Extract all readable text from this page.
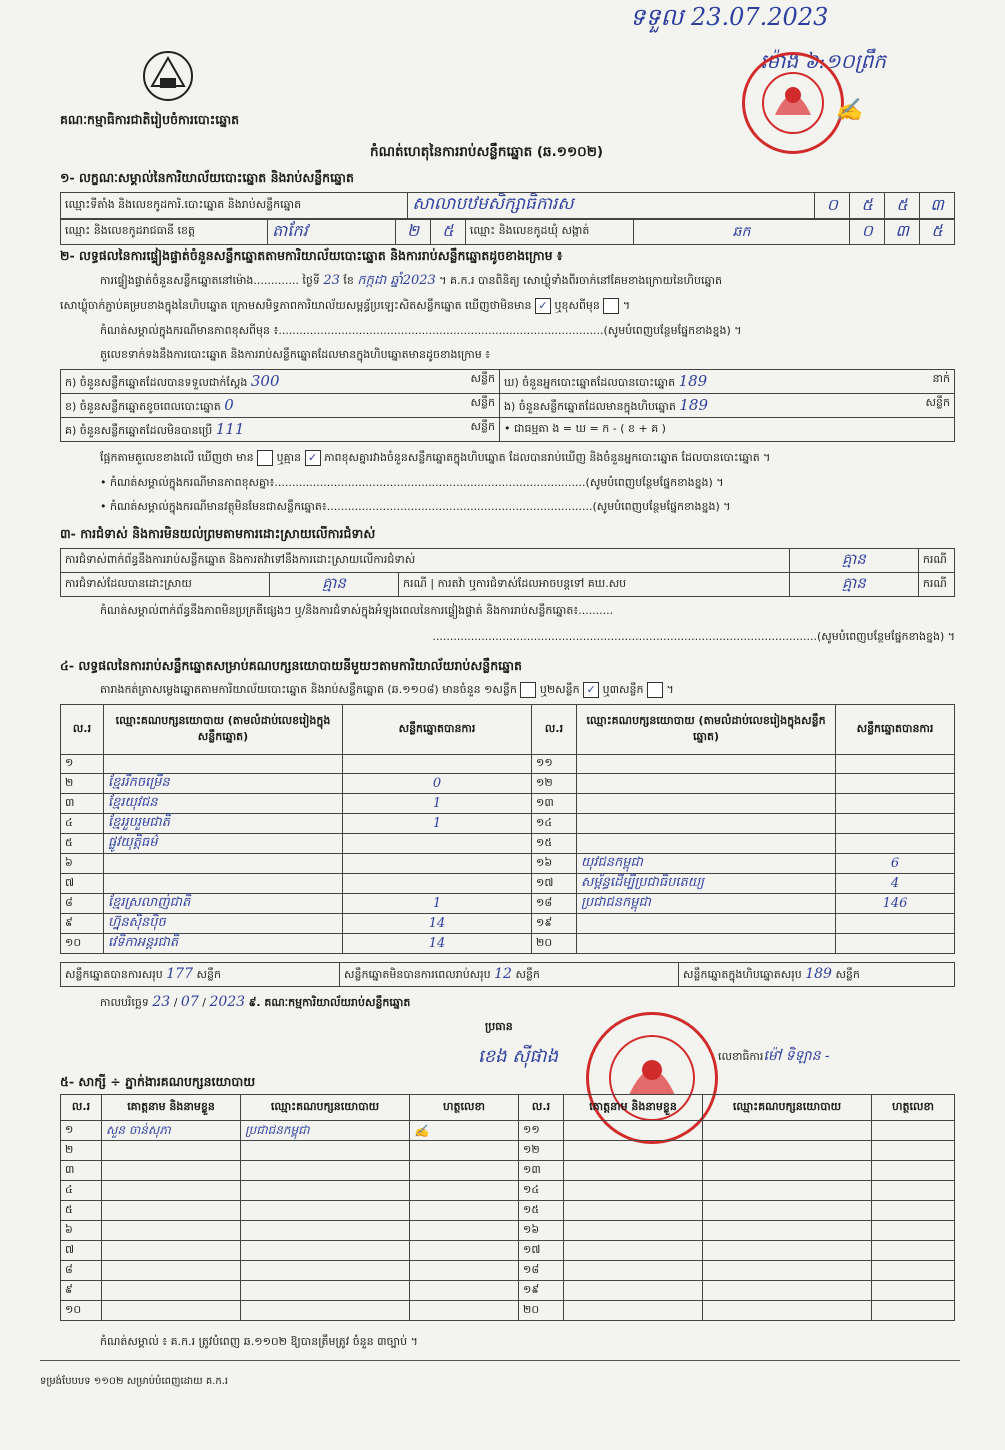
ទទួល 23.07.2023
ម៉ោង ៦:១០ព្រឹក
✍
គណៈកម្មាធិការជាតិរៀបចំការបោះឆ្នោត
កំណត់ហេតុនៃការរាប់សន្លឹកឆ្នោត (ឆ.១១០២)
១- លក្ខណៈសម្គាល់នៃការិយាល័យបោះឆ្នោត និងរាប់សន្លឹកឆ្នោត
ឈ្មោះទីតាំង និងលេខកូដការិ.បោះឆ្នោត និងរាប់សន្លឹកឆ្នោត	សាលាបឋមសិក្សាធិការស	០	៥	៥	៣
ឈ្មោះ និងលេខកូដរាជធានី ខេត្ត	តាកែវ	២	៥	ឈ្មោះ និងលេខកូដឃុំ សង្កាត់	ឆក	០	៣	៥
២- លទ្ធផលនៃការផ្ទៀងផ្ទាត់ចំនួនសន្លឹកឆ្នោតតាមការិយាល័យបោះឆ្នោត និងការរាប់សន្លឹកឆ្នោតដូចខាងក្រោម ៖
ការផ្ទៀងផ្ទាត់ចំនួនសន្លឹកឆ្នោតនៅម៉ោង............. ថ្ងៃទី 23 ខែ កក្កដា ឆ្នាំ2023 ។ គ.ក.រ បានពិនិត្យ សោឃ្លុំទាំងពីរចាក់នៅគែមខាងក្រោយនៃហិបឆ្នោត
សោឃ្លុំចាក់ភ្ជាប់គម្របខាងក្នុងនៃហិបឆ្នោត ក្រោមសមិទ្ធភាពការិយាល័យសម្ពន្ធ័ប្រឡេះសិតសន្លឹកឆ្នោត ឃើញថាមិនមាន ✓ ឬខុសពីមុន  ។
កំណត់សម្គាល់ក្នុងករណីមានភាពខុសពីមុន ៖.............................................................................................(សូមបំពេញបន្ថែមផ្នែកខាងខ្នង) ។
តួលេខទាក់ទងនឹងការបោះឆ្នោត និងការរាប់សន្លឹកឆ្នោតដែលមានក្នុងហិបឆ្នោតមានដូចខាងក្រោម ៖
ក) ចំនួនសន្លឹកឆ្នោតដែលបានទទួលជាក់ស្តែង 300 សន្លឹក	ឃ) ចំនួនអ្នកបោះឆ្នោតដែលបានបោះឆ្នោត 189 នាក់

ខ) ចំនួនសន្លឹកឆ្នោតខូចពេលបោះឆ្នោត 0 សន្លឹក	ង) ចំនួនសន្លឹកឆ្នោតដែលមានក្នុងហិបឆ្នោត 189 សន្លឹក

គ) ចំនួនសន្លឹកឆ្នោតដែលមិនបានប្រើ 111 សន្លឹក	• ជាធម្មតា ង = ឃ = ក - ( ខ + គ )
ផ្អែកតាមតួលេខខាងលើ ឃើញថា មាន ឬគ្មាន ✓ ភាពខុសគ្នារវាងចំនួនសន្លឹកឆ្នោតក្នុងហិបឆ្នោត ដែលបានរាប់ឃើញ និងចំនួនអ្នកបោះឆ្នោត ដែលបានបោះឆ្នោត ។
• កំណត់សម្គាល់ក្នុងករណីមានភាពខុសគ្នា៖.........................................................................................(សូមបំពេញបន្ថែមផ្នែកខាងខ្នង) ។
• កំណត់សម្គាល់ក្នុងករណីមានវត្ថុមិនមែនជាសន្លឹកឆ្នោត៖............................................................................(សូមបំពេញបន្ថែមផ្នែកខាងខ្នង) ។
៣- ការជំទាស់ និងការមិនយល់ព្រមតាមការដោះស្រាយលើការជំទាស់
ការជំទាស់ពាក់ព័ន្ធនឹងការរាប់សន្លឹកឆ្នោត និងការតវ៉ាទៅនឹងការដោះស្រាយលើការជំទាស់			គ្មាន	ករណី
ការជំទាស់ដែលបានដោះស្រាយ	គ្មាន	ករណី | ការតវ៉ា ឬការជំទាស់ដែលអាចបន្តទៅ គឃ.សប	គ្មាន	ករណី
កំណត់សម្គាល់ពាក់ព័ន្ធនឹងភាពមិនប្រក្រតីផ្សេងៗ ឬ/និងការជំទាស់ក្នុងអំឡុងពេលនៃការផ្ទៀងផ្ទាត់ និងការរាប់សន្លឹកឆ្នោត៖..........
..............................................................................................................(សូមបំពេញបន្ថែមផ្នែកខាងខ្នង) ។
៤- លទ្ធផលនៃការរាប់សន្លឹកឆ្នោតសម្រាប់គណបក្សនយោបាយនីមួយៗតាមការិយាល័យរាប់សន្លឹកឆ្នោត
តារាងកត់ត្រាសម្លេងឆ្នោតតាមការិយាល័យបោះឆ្នោត និងរាប់សន្លឹកឆ្នោត (ឆ.១១០៨) មានចំនួន ១សន្លឹក ឬ២សន្លឹក ✓ ឬ៣សន្លឹក  ។
ល.រ	ឈ្មោះគណបក្សនយោបាយ (តាមលំដាប់លេខរៀងក្នុងសន្លឹកឆ្នោត)	សន្លឹកឆ្នោតបានការ	ល.រ	ឈ្មោះគណបក្សនយោបាយ (តាមលំដាប់លេខរៀងក្នុងសន្លឹកឆ្នោត)	សន្លឹកឆ្នោតបានការ
១			១១		
២	ខ្មែររីកចម្រើន	0	១២		
៣	ខ្មែរយុវជន	1	១៣		
៤	ខ្មែររួបរួមជាតិ	1	១៤		
៥	ផ្លូវយុត្តិធម៌		១៥		
៦			១៦	យុវជនកម្ពុជា	6
៧			១៧	សម្ព័ន្ធដើម្បីប្រជាធិបតេយ្យ	4
៨	ខ្មែរស្រលាញ់ជាតិ	1	១៨	ប្រជាជនកម្ពុជា	146
៩	ហ្វ៊ុនស៊ិនប៉ិច	14	១៩		
១០	វេទិកាអន្តរជាតិ	14	២០		
សន្លឹកឆ្នោតបានការសរុប 177 សន្លឹក	សន្លឹកឆ្នោតមិនបានការពេលរាប់សរុប 12 សន្លឹក	សន្លឹកឆ្នោតក្នុងហិបឆ្នោតសរុប 189 សន្លឹក
កាលបរិច្ឆេទ 23 / 07 / 2023 ៩. គណៈកម្មការិយាល័យរាប់សន្លឹកឆ្នោត
ប្រធាន
ខេង ស៊ីផាង	លេខាធិការម៉ៅ ទិឡាន -
៥- សាក្សី ÷ ភ្នាក់ងារគណបក្សនយោបាយ
ល.រ	គោត្តនាម និងនាមខ្លួន	ឈ្មោះគណបក្សនយោបាយ	ហត្ថលេខា	ល.រ	គោត្តនាម និងនាមខ្លួន	ឈ្មោះគណបក្សនយោបាយ	ហត្ថលេខា
១	សួន ចាន់សុភា	ប្រជាជនកម្ពុជា	✍	១១			
២				១២			
៣				១៣			
៤				១៤			
៥				១៥			
៦				១៦			
៧				១៧			
៨				១៨			
៩				១៩			
១០				២០			
កំណត់សម្គាល់ ៖ គ.ក.រ ត្រូវបំពេញ ឆ.១១០២ ឱ្យបានត្រឹមត្រូវ ចំនួន ៣ច្បាប់ ។
ទម្រង់បែបបទ ១១០២ សម្រាប់បំពេញដោយ គ.ក.រ
